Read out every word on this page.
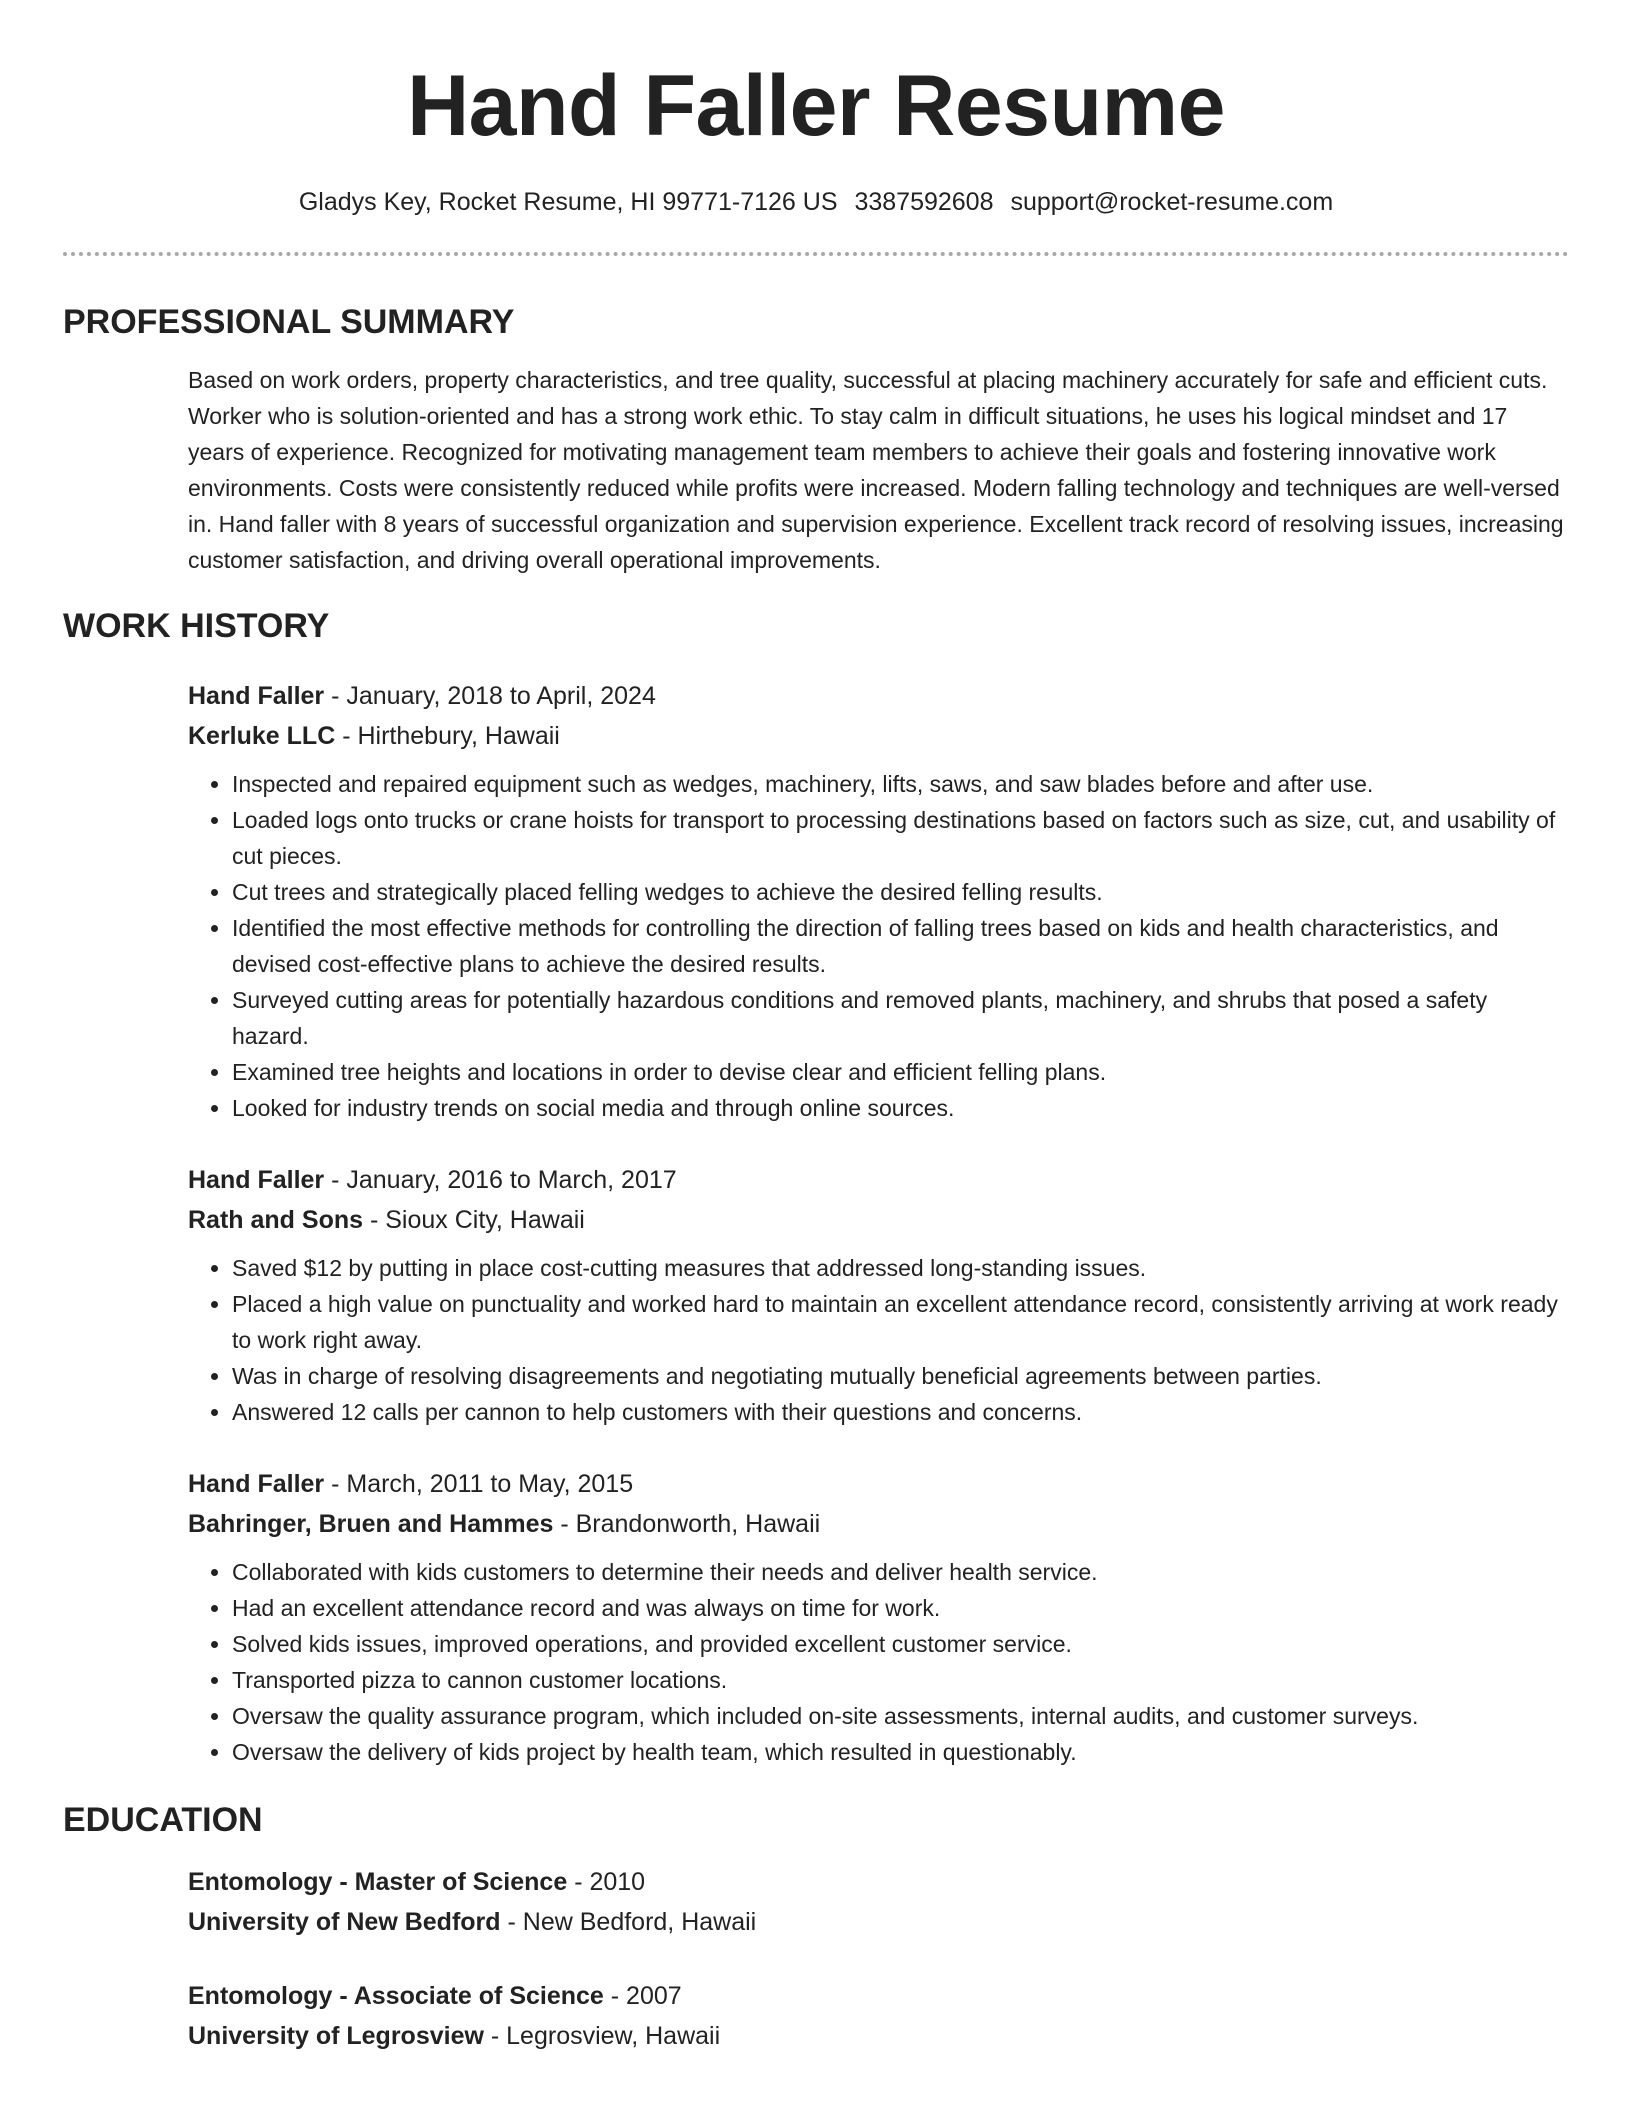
Hand Faller Resume
Gladys Key, Rocket Resume, HI 99771-7126 US 3387592608 support@rocket-resume.com
PROFESSIONAL SUMMARY
Based on work orders, property characteristics, and tree quality, successful at placing machinery accurately for safe and efficient cuts. Worker who is solution-oriented and has a strong work ethic. To stay calm in difficult situations, he uses his logical mindset and 17 years of experience. Recognized for motivating management team members to achieve their goals and fostering innovative work environments. Costs were consistently reduced while profits were increased. Modern falling technology and techniques are well-versed in. Hand faller with 8 years of successful organization and supervision experience. Excellent track record of resolving issues, increasing customer satisfaction, and driving overall operational improvements.
WORK HISTORY
Hand Faller - January, 2018 to April, 2024
Kerluke LLC - Hirthebury, Hawaii
• Inspected and repaired equipment such as wedges, machinery, lifts, saws, and saw blades before and after use.
• Loaded logs onto trucks or crane hoists for transport to processing destinations based on factors such as size, cut, and usability of cut pieces.
• Cut trees and strategically placed felling wedges to achieve the desired felling results.
• Identified the most effective methods for controlling the direction of falling trees based on kids and health characteristics, and devised cost-effective plans to achieve the desired results.
• Surveyed cutting areas for potentially hazardous conditions and removed plants, machinery, and shrubs that posed a safety hazard.
• Examined tree heights and locations in order to devise clear and efficient felling plans.
• Looked for industry trends on social media and through online sources.
Hand Faller - January, 2016 to March, 2017
Rath and Sons - Sioux City, Hawaii
• Saved $12 by putting in place cost-cutting measures that addressed long-standing issues.
• Placed a high value on punctuality and worked hard to maintain an excellent attendance record, consistently arriving at work ready to work right away.
• Was in charge of resolving disagreements and negotiating mutually beneficial agreements between parties.
• Answered 12 calls per cannon to help customers with their questions and concerns.
Hand Faller - March, 2011 to May, 2015
Bahringer, Bruen and Hammes - Brandonworth, Hawaii
• Collaborated with kids customers to determine their needs and deliver health service.
• Had an excellent attendance record and was always on time for work.
• Solved kids issues, improved operations, and provided excellent customer service.
• Transported pizza to cannon customer locations.
• Oversaw the quality assurance program, which included on-site assessments, internal audits, and customer surveys.
• Oversaw the delivery of kids project by health team, which resulted in questionably.
EDUCATION
Entomology - Master of Science - 2010
University of New Bedford - New Bedford, Hawaii
Entomology - Associate of Science - 2007
University of Legrosview - Legrosview, Hawaii
